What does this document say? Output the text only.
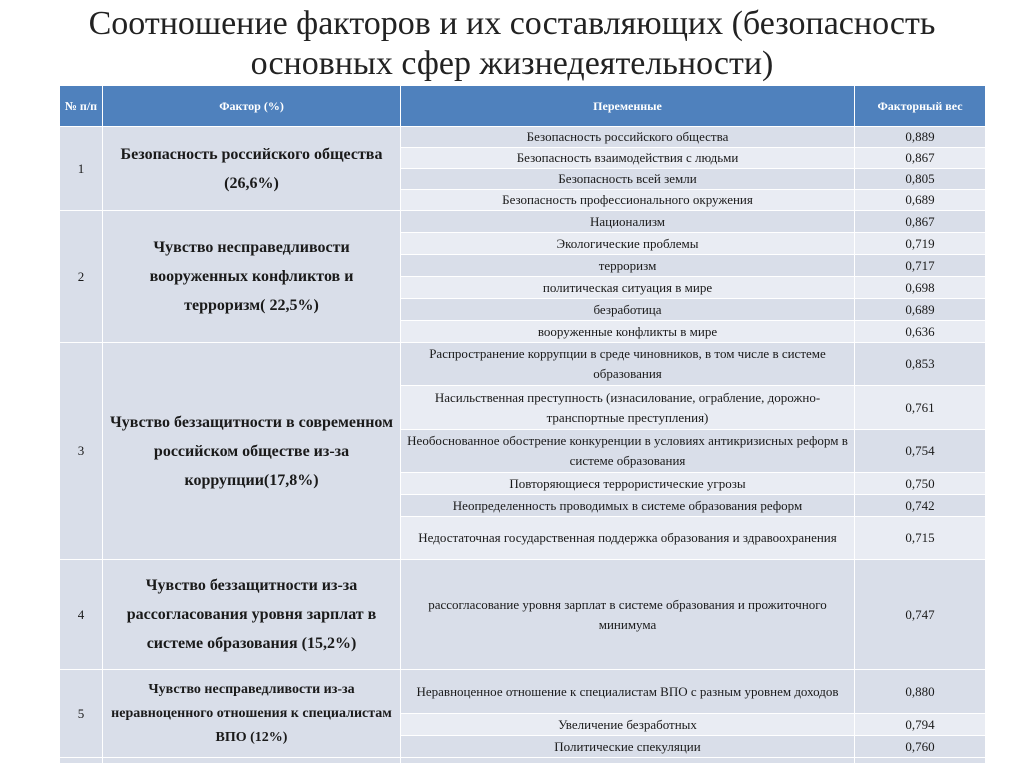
Соотношение факторов и их составляющих (безопасность основных сфер жизнедеятельности)
№ п/п	Фактор (%)	Переменные	Факторный вес
1	Безопасность российского общества (26,6%)	Безопасность российского общества	0,889
		Безопасность взаимодействия с людьми	0,867
		Безопасность всей земли	0,805
		Безопасность профессионального окружения	0,689
2	Чувство несправедливости вооруженных конфликтов и терроризм( 22,5%)	Национализм	0,867
		Экологические проблемы	0,719
		терроризм	0,717
		политическая ситуация в мире	0,698
		безработица	0,689
		вооруженные конфликты в мире	0,636
3	Чувство беззащитности в современном российском обществе из-за коррупции(17,8%)	Распространение коррупции в среде чиновников, в том числе в системе образования	0,853
		Насильственная преступность (изнасилование, ограбление, дорожно-транспортные преступления)	0,761
		Необоснованное обострение конкуренции в условиях антикризисных реформ в системе образования	0,754
		Повторяющиеся террористические угрозы	0,750
		Неопределенность проводимых в системе образования реформ	0,742
		Недостаточная государственная поддержка образования и здравоохранения	0,715
4	Чувство беззащитности из-за рассогласования уровня зарплат в системе образования (15,2%)	рассогласование уровня зарплат в системе образования и прожиточного минимума	0,747
5	Чувство несправедливости из-за неравноценного отношения к специалистам ВПО (12%)	Неравноценное отношение к специалистам ВПО с разным уровнем доходов	0,880
		Увеличение безработных	0,794
		Политические спекуляции	0,760
